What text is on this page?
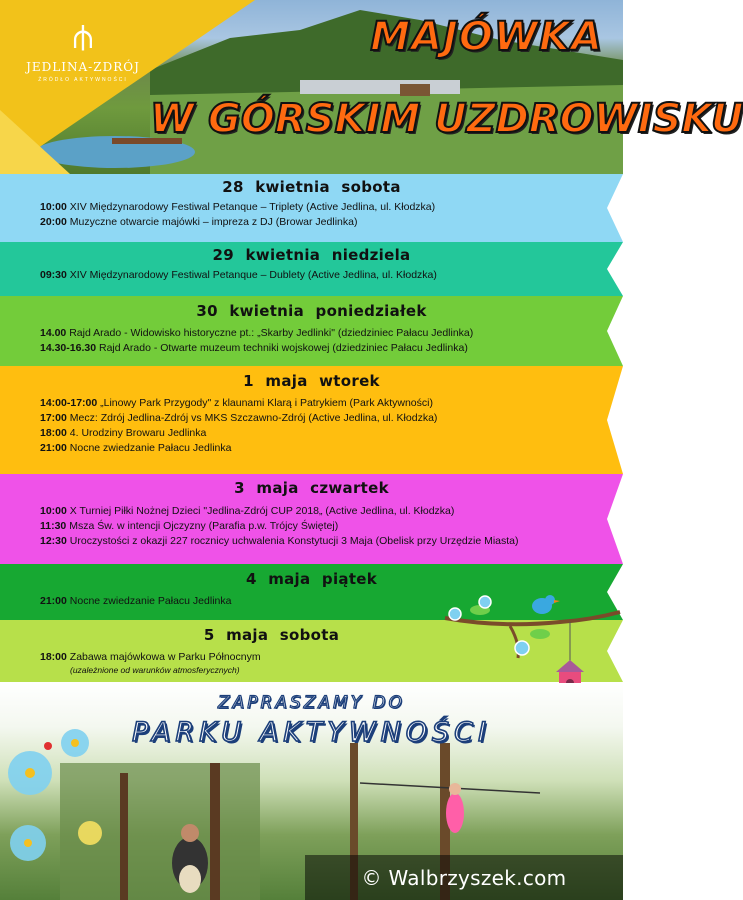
⫛
JEDLINA-ZDRÓJ
ŹRÓDŁO AKTYWNOŚCI
MAJÓWKA
W GÓRSKIM UZDROWISKU
28 kwietnia sobota
10:00 XIV Międzynarodowy Festiwal Petanque – Triplety (Active Jedlina, ul. Kłodzka)
20:00 Muzyczne otwarcie majówki – impreza z DJ (Browar Jedlinka)
29 kwietnia niedziela
09:30 XIV Międzynarodowy Festiwal Petanque – Dublety (Active Jedlina, ul. Kłodzka)
30 kwietnia poniedziałek
14.00 Rajd Arado - Widowisko historyczne pt.: „Skarby Jedlinki" (dziedziniec Pałacu Jedlinka)
14.30-16.30 Rajd Arado - Otwarte muzeum techniki wojskowej (dziedziniec Pałacu Jedlinka)
1 maja wtorek
14:00-17:00 „Linowy Park Przygody" z klaunami Klarą i Patrykiem (Park Aktywności)
17:00 Mecz: Zdrój Jedlina-Zdrój vs MKS Szczawno-Zdrój (Active Jedlina, ul. Kłodzka)
18:00 4. Urodziny Browaru Jedlinka
21:00 Nocne zwiedzanie Pałacu Jedlinka
3 maja czwartek
10:00 X Turniej Piłki Nożnej Dzieci "Jedlina-Zdrój CUP 2018„ (Active Jedlina, ul. Kłodzka)
11:30 Msza Św. w intencji Ojczyzny (Parafia p.w. Trójcy Świętej)
12:30 Uroczystości z okazji 227 rocznicy uchwalenia Konstytucji 3 Maja (Obelisk przy Urzędzie Miasta)
4 maja piątek
21:00 Nocne zwiedzanie Pałacu Jedlinka
5 maja sobota
18:00 Zabawa majówkowa w Parku Północnym
(uzależnione od warunków atmosferycznych)
ZAPRASZAMY DO
PARKU AKTYWNOŚCI
© Walbrzyszek.com
